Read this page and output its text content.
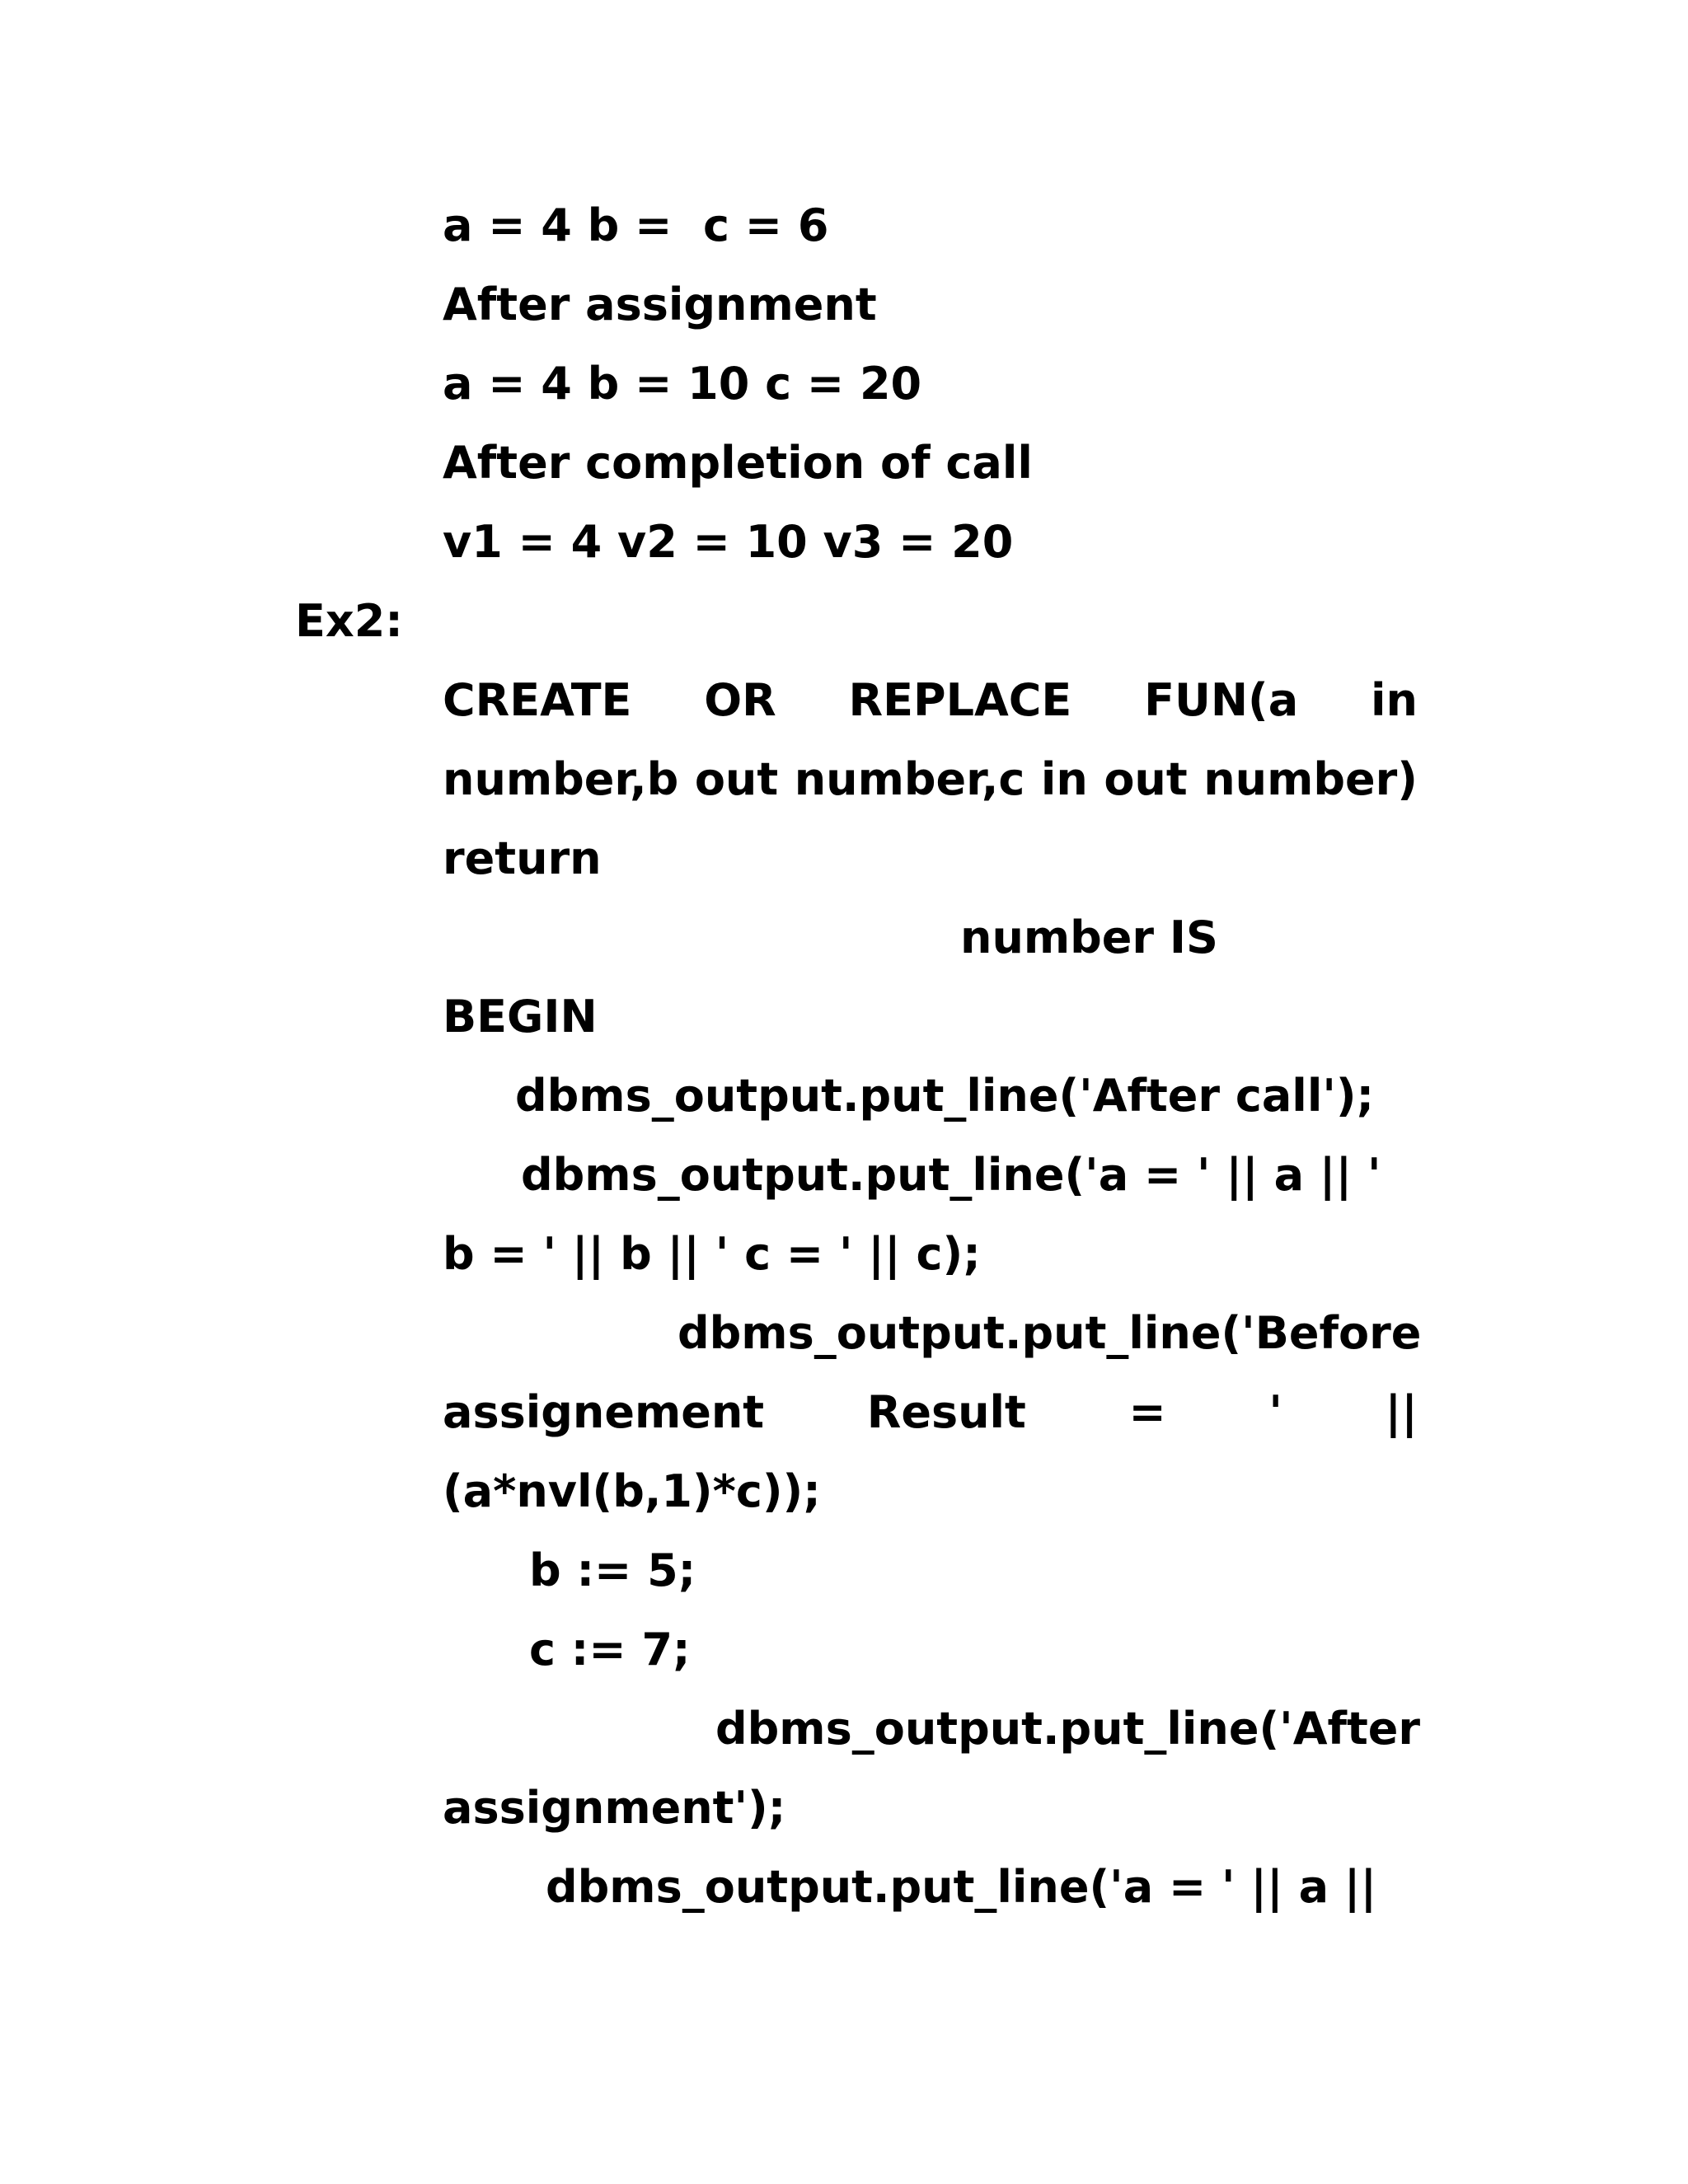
a = 4 b =  c = 6
After assignment
a = 4 b = 10 c = 20
After completion of call
v1 = 4 v2 = 10 v3 = 20
Ex2:
CREATE OR REPLACE FUN(a in
number,b out number,c in out number)
return
number IS
BEGIN
dbms_output.put_line('After call');
dbms_output.put_line('a = ' || a || '
b = ' || b || ' c = ' || c);
dbms_output.put_line('Before
assignement Result = ' ||
(a*nvl(b,1)*c));
b := 5;
c := 7;
dbms_output.put_line('After
assignment');
dbms_output.put_line('a = ' || a ||
